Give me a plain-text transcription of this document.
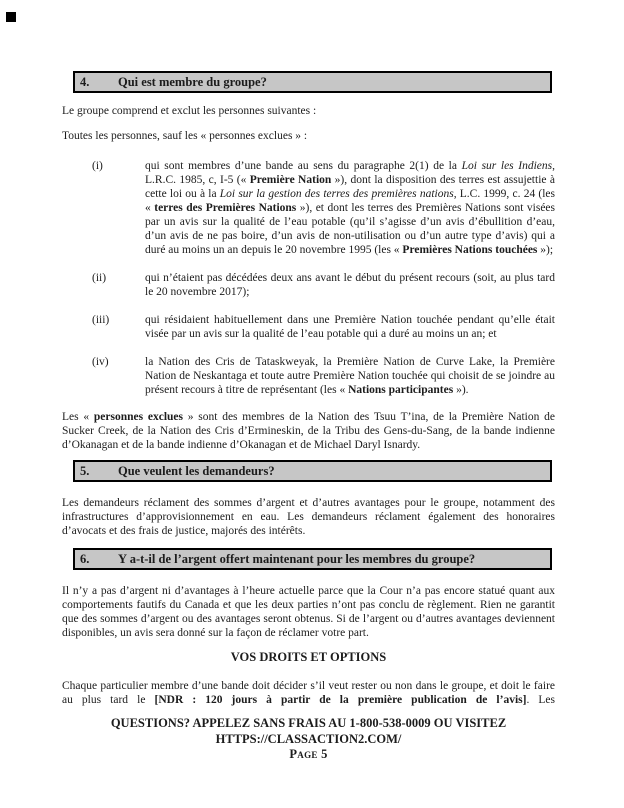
4.	Qui est membre du groupe?

Le groupe comprend et exclut les personnes suivantes :

Toutes les personnes, sauf les « personnes exclues » :

(i)	qui sont membres d’une bande au sens du paragraphe 2(1) de la Loi sur les Indiens, L.R.C. 1985, c, I-5 (« Première Nation »), dont la disposition des terres est assujettie à cette loi ou à la Loi sur la gestion des terres des premières nations, L.C. 1999, c. 24 (les « terres des Premières Nations »), et dont les terres des Premières Nations sont visées par un avis sur la qualité de l’eau potable (qu’il s’agisse d’un avis d’ébullition d’eau, d’un avis de ne pas boire, d’un avis de non-utilisation ou d’un autre type d’avis) qui a duré au moins un an depuis le 20 novembre 1995 (les « Premières Nations touchées »);
(ii)	qui n’étaient pas décédées deux ans avant le début du présent recours (soit, au plus tard le 20 novembre 2017);
(iii)	qui résidaient habituellement dans une Première Nation touchée pendant qu’elle était visée par un avis sur la qualité de l’eau potable qui a duré au moins un an; et
(iv)	la Nation des Cris de Tataskweyak, la Première Nation de Curve Lake, la Première Nation de Neskantaga et toute autre Première Nation touchée qui choisit de se joindre au présent recours à titre de représentant (les « Nations participantes »).

Les « personnes exclues » sont des membres de la Nation des Tsuu T’ina, de la Première Nation de Sucker Creek, de la Nation des Cris d’Ermineskin, de la Tribu des Gens-du-Sang, de la bande indienne d’Okanagan et de la bande indienne d’Okanagan et de Michael Daryl Isnardy.

5.	Que veulent les demandeurs?

Les demandeurs réclament des sommes d’argent et d’autres avantages pour le groupe, notamment des infrastructures d’approvisionnement en eau. Les demandeurs réclament également des honoraires d’avocats et des frais de justice, majorés des intérêts.

6.	Y a-t-il de l’argent offert maintenant pour les membres du groupe?

Il n’y a pas d’argent ni d’avantages à l’heure actuelle parce que la Cour n’a pas encore statué quant aux comportements fautifs du Canada et que les deux parties n’ont pas conclu de règlement. Rien ne garantit que des sommes d’argent ou des avantages seront obtenus. Si de l’argent ou d’autres avantages deviennent disponibles, un avis sera donné sur la façon de réclamer votre part.

VOS DROITS ET OPTIONS

Chaque particulier membre d’une bande doit décider s’il veut rester ou non dans le groupe, et doit le faire au plus tard le [NDR : 120 jours à partir de la première publication de l’avis]. Les

QUESTIONS? APPELEZ SANS FRAIS AU 1-800-538-0009 OU VISITEZ
HTTPS://CLASSACTION2.COM/
Page 5
